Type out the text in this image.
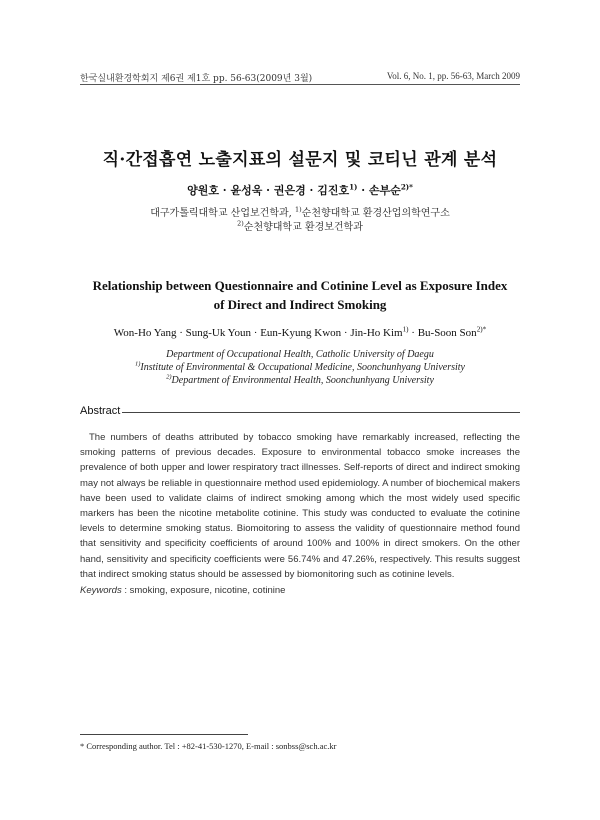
한국실내환경학회지 제6권 제1호 pp. 56-63(2009년 3월)	Vol. 6, No. 1, pp. 56-63, March 2009
직·간접흡연 노출지표의 설문지 및 코티닌 관계 분석
양원호 · 윤성욱 · 권은경 · 김진호$^{1)}$ · 손부순$^{2)*}$
대구가톨릭대학교 산업보건학과, $^{1)}$순천향대학교 환경산업의학연구소
$^{2)}$순천향대학교 환경보건학과
Relationship between Questionnaire and Cotinine Level as Exposure Index
of Direct and Indirect Smoking
Won-Ho Yang · Sung-Uk Youn · Eun-Kyung Kwon · Jin-Ho Kim$^{1)}$ · Bu-Soon Son$^{2)*}$
Department of Occupational Health, Catholic University of Daegu
$^{1)}$Institute of Environmental & Occupational Medicine, Soonchunhyang University
$^{2)}$Department of Environmental Health, Soonchunhyang University
Abstract

The numbers of deaths attributed by tobacco smoking have remarkably increased, reflecting the smoking patterns of previous decades. Exposure to environmental tobacco smoke increases the prevalence of both upper and lower respiratory tract illnesses. Self-reports of direct and indirect smoking may not always be reliable in questionnaire method used epidemiology. A number of biochemical makers have been used to validate claims of indirect smoking among which the most widely used specific markers has been the nicotine metabolite cotinine. This study was conducted to evaluate the cotinine levels to determine smoking status. Biomoitoring to assess the validity of questionnaire method found that sensitivity and specificity coefficients of around 100% and 100% in direct smokers. On the other hand, sensitivity and specificity coefficients were 56.74% and 47.26%, respectively. This results suggest that indirect smoking status should be assessed by biomonitoring such as cotinine levels.

Keywords : smoking, exposure, nicotine, cotinine
* Corresponding author. Tel : +82-41-530-1270, E-mail : sonbss@sch.ac.kr
